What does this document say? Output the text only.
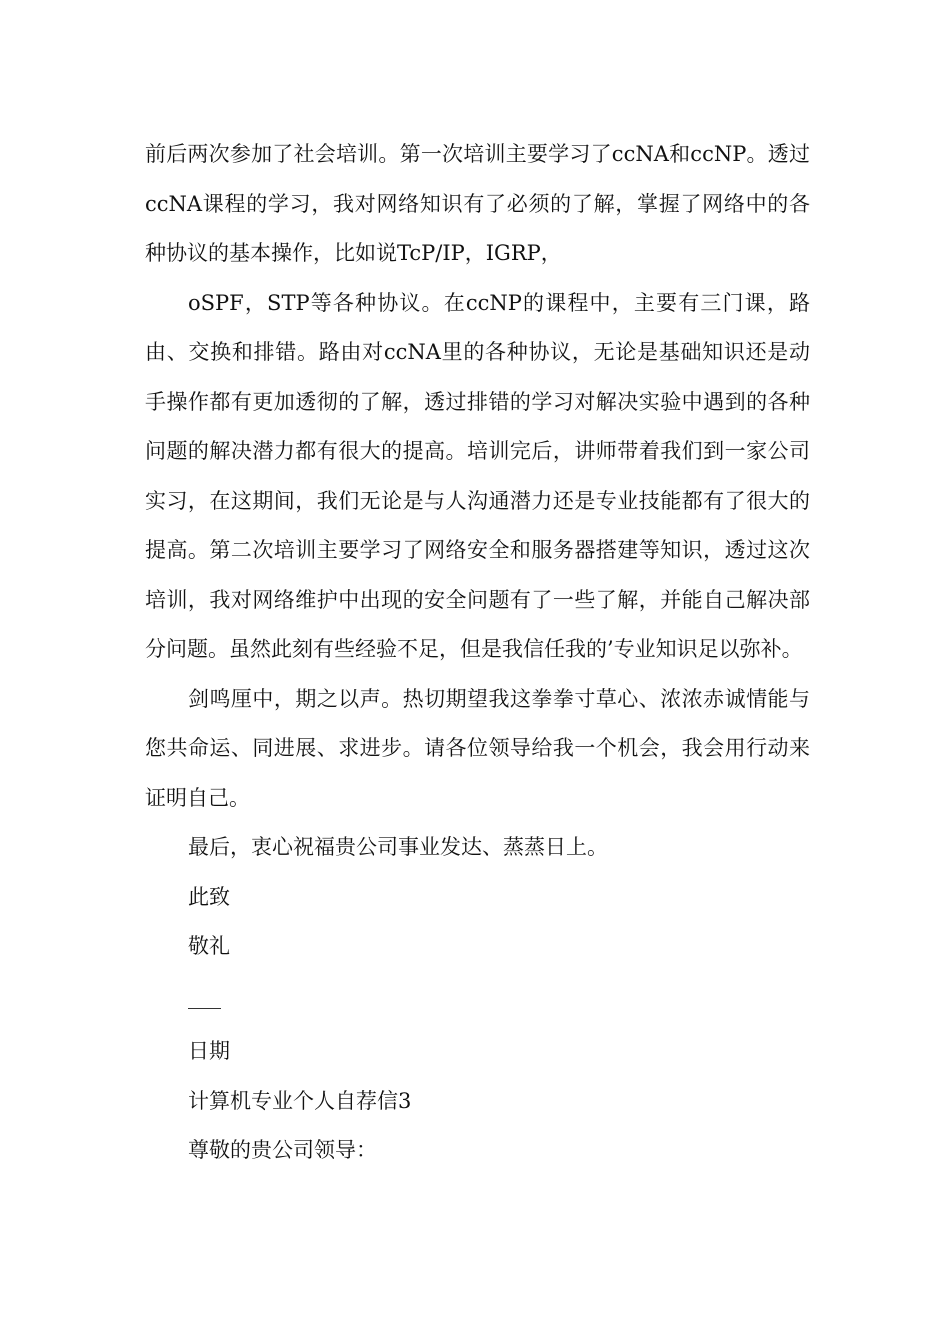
前后两次参加了社会培训。第一次培训主要学习了ccNA和ccNP。透过ccNA课程的学习，我对网络知识有了必须的了解，掌握了网络中的各种协议的基本操作，比如说TcP/IP，IGRP，

oSPF，STP等各种协议。在ccNP的课程中，主要有三门课，路由、交换和排错。路由对ccNA里的各种协议，无论是基础知识还是动手操作都有更加透彻的了解，透过排错的学习对解决实验中遇到的各种问题的解决潜力都有很大的提高。培训完后，讲师带着我们到一家公司实习，在这期间，我们无论是与人沟通潜力还是专业技能都有了很大的提高。第二次培训主要学习了网络安全和服务器搭建等知识，透过这次培训，我对网络维护中出现的安全问题有了一些了解，并能自己解决部分问题。虽然此刻有些经验不足，但是我信任我的’专业知识足以弥补。

剑鸣厘中，期之以声。热切期望我这拳拳寸草心、浓浓赤诚情能与您共命运、同进展、求进步。请各位领导给我一个机会，我会用行动来证明自己。

最后，衷心祝福贵公司事业发达、蒸蒸日上。

此致

敬礼

日期

计算机专业个人自荐信3

尊敬的贵公司领导：
